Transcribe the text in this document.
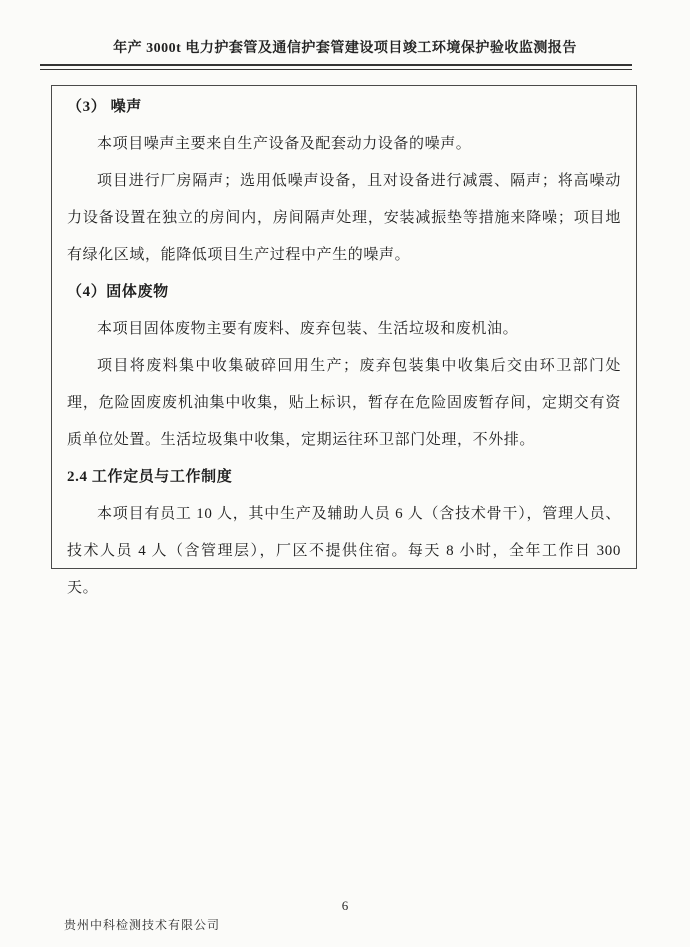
年产 3000t 电力护套管及通信护套管建设项目竣工环境保护验收监测报告
（3） 噪声
本项目噪声主要来自生产设备及配套动力设备的噪声。
项目进行厂房隔声；选用低噪声设备，且对设备进行减震、隔声；将高噪动力设备设置在独立的房间内，房间隔声处理，安装减振垫等措施来降噪；项目地有绿化区域，能降低项目生产过程中产生的噪声。
（4）固体废物
本项目固体废物主要有废料、废弃包装、生活垃圾和废机油。
项目将废料集中收集破碎回用生产；废弃包装集中收集后交由环卫部门处理，危险固废废机油集中收集，贴上标识，暂存在危险固废暂存间，定期交有资质单位处置。生活垃圾集中收集，定期运往环卫部门处理，不外排。
2.4 工作定员与工作制度
本项目有员工 10 人，其中生产及辅助人员 6 人（含技术骨干），管理人员、技术人员 4 人（含管理层），厂区不提供住宿。每天 8 小时，全年工作日 300 天。
6
贵州中科检测技术有限公司
